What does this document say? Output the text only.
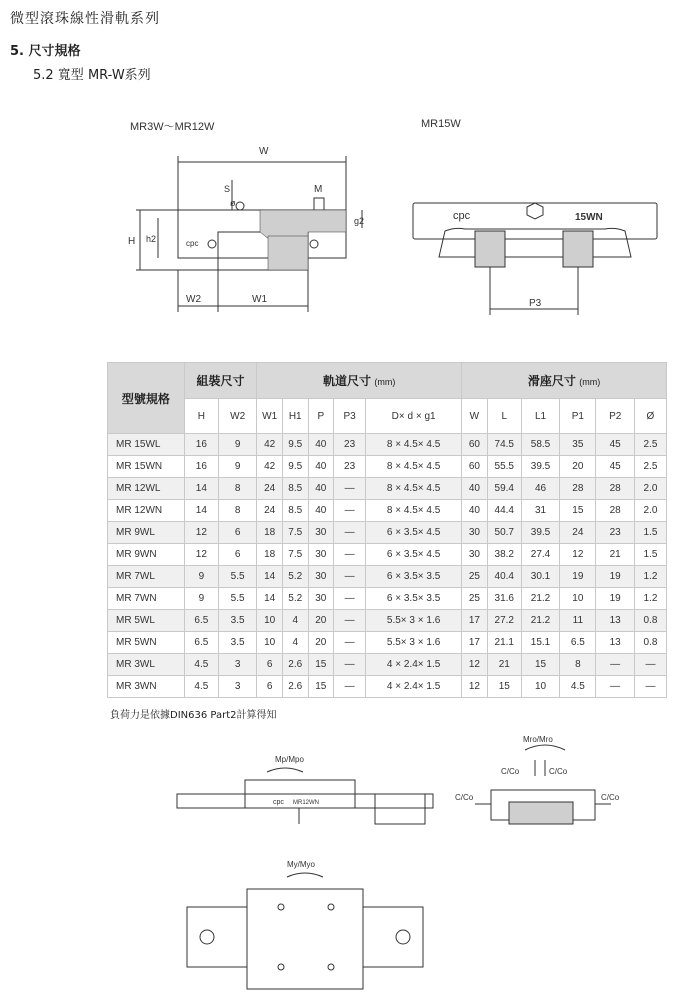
微型滾珠線性滑軌系列
5. 尺寸規格
5.2 寬型 MR-W系列
MR3W～MR12W	MR15W
W
S
ø
M
H h2
g2
W2	W1
cpc
cpc	15WN
P3
型號規格	組裝尺寸		軌道尺寸 (mm)					滑座尺寸 (mm)					
	H	W2	W1	H1	P	P3	D× d × g1	W	L	L1	P1	P2	Ø
MR 15WL	16	9	42	9.5	40	23	8 × 4.5× 4.5	60	74.5	58.5	35	45	2.5
MR 15WN	16	9	42	9.5	40	23	8 × 4.5× 4.5	60	55.5	39.5	20	45	2.5
MR 12WL	14	8	24	8.5	40	—	8 × 4.5× 4.5	40	59.4	46	28	28	2.0
MR 12WN	14	8	24	8.5	40	—	8 × 4.5× 4.5	40	44.4	31	15	28	2.0
MR 9WL	12	6	18	7.5	30	—	6 × 3.5× 4.5	30	50.7	39.5	24	23	1.5
MR 9WN	12	6	18	7.5	30	—	6 × 3.5× 4.5	30	38.2	27.4	12	21	1.5
MR 7WL	9	5.5	14	5.2	30	—	6 × 3.5× 3.5	25	40.4	30.1	19	19	1.2
MR 7WN	9	5.5	14	5.2	30	—	6 × 3.5× 3.5	25	31.6	21.2	10	19	1.2
MR 5WL	6.5	3.5	10	4	20	—	5.5× 3 × 1.6	17	27.2	21.2	11	13	0.8
MR 5WN	6.5	3.5	10	4	20	—	5.5× 3 × 1.6	17	21.1	15.1	6.5	13	0.8
MR 3WL	4.5	3	6	2.6	15	—	4 × 2.4× 1.5	12	21	15	8	—	—
MR 3WN	4.5	3	6	2.6	15	—	4 × 2.4× 1.5	12	15	10	4.5	—	—
負荷力是依據DIN636 Part2計算得知
Mp/Mpo
cpc MR12WN
Mro/Mro
C/Co	C/Co
C/Co	C/Co
My/Myo
